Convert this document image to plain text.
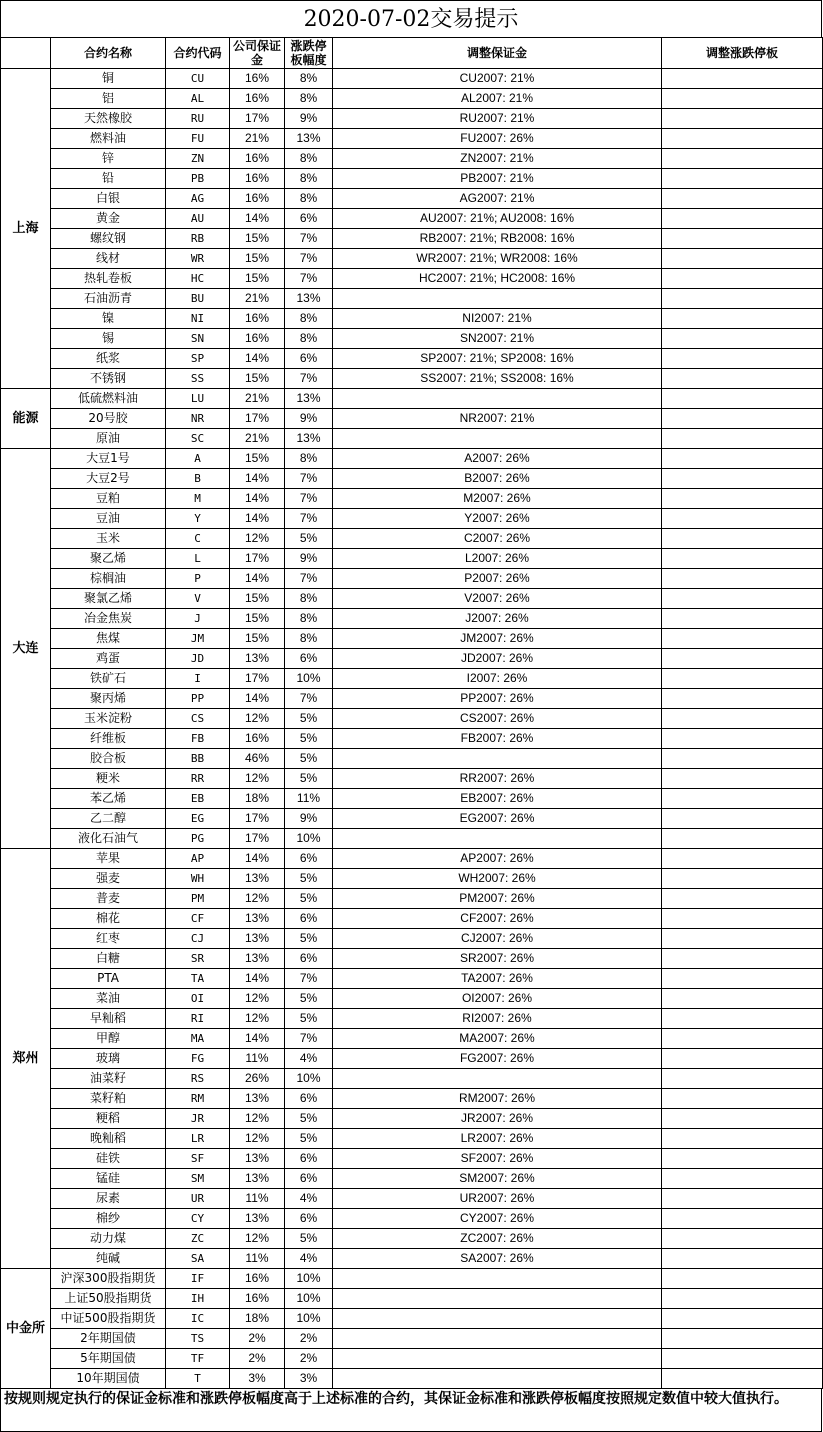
2020-07-02交易提示
	合约名称	合约代码	公司保证金	涨跌停板幅度	调整保证金	调整涨跌停板
上海	铜	CU	16%	8%	CU2007: 21%	
	铝	AL	16%	8%	AL2007: 21%	
	天然橡胶	RU	17%	9%	RU2007: 21%	
	燃料油	FU	21%	13%	FU2007: 26%	
	锌	ZN	16%	8%	ZN2007: 21%	
	铅	PB	16%	8%	PB2007: 21%	
	白银	AG	16%	8%	AG2007: 21%	
	黄金	AU	14%	6%	AU2007: 21%; AU2008: 16%	
	螺纹钢	RB	15%	7%	RB2007: 21%; RB2008: 16%	
	线材	WR	15%	7%	WR2007: 21%; WR2008: 16%	
	热轧卷板	HC	15%	7%	HC2007: 21%; HC2008: 16%	
	石油沥青	BU	21%	13%		
	镍	NI	16%	8%	NI2007: 21%	
	锡	SN	16%	8%	SN2007: 21%	
	纸浆	SP	14%	6%	SP2007: 21%; SP2008: 16%	
	不锈钢	SS	15%	7%	SS2007: 21%; SS2008: 16%	
能源	低硫燃料油	LU	21%	13%		
	20号胶	NR	17%	9%	NR2007: 21%	
	原油	SC	21%	13%		
大连	大豆1号	A	15%	8%	A2007: 26%	
	大豆2号	B	14%	7%	B2007: 26%	
	豆粕	M	14%	7%	M2007: 26%	
	豆油	Y	14%	7%	Y2007: 26%	
	玉米	C	12%	5%	C2007: 26%	
	聚乙烯	L	17%	9%	L2007: 26%	
	棕榈油	P	14%	7%	P2007: 26%	
	聚氯乙烯	V	15%	8%	V2007: 26%	
	冶金焦炭	J	15%	8%	J2007: 26%	
	焦煤	JM	15%	8%	JM2007: 26%	
	鸡蛋	JD	13%	6%	JD2007: 26%	
	铁矿石	I	17%	10%	I2007: 26%	
	聚丙烯	PP	14%	7%	PP2007: 26%	
	玉米淀粉	CS	12%	5%	CS2007: 26%	
	纤维板	FB	16%	5%	FB2007: 26%	
	胶合板	BB	46%	5%		
	粳米	RR	12%	5%	RR2007: 26%	
	苯乙烯	EB	18%	11%	EB2007: 26%	
	乙二醇	EG	17%	9%	EG2007: 26%	
	液化石油气	PG	17%	10%		
郑州	苹果	AP	14%	6%	AP2007: 26%	
	强麦	WH	13%	5%	WH2007: 26%	
	普麦	PM	12%	5%	PM2007: 26%	
	棉花	CF	13%	6%	CF2007: 26%	
	红枣	CJ	13%	5%	CJ2007: 26%	
	白糖	SR	13%	6%	SR2007: 26%	
	PTA	TA	14%	7%	TA2007: 26%	
	菜油	OI	12%	5%	OI2007: 26%	
	早籼稻	RI	12%	5%	RI2007: 26%	
	甲醇	MA	14%	7%	MA2007: 26%	
	玻璃	FG	11%	4%	FG2007: 26%	
	油菜籽	RS	26%	10%		
	菜籽粕	RM	13%	6%	RM2007: 26%	
	粳稻	JR	12%	5%	JR2007: 26%	
	晚籼稻	LR	12%	5%	LR2007: 26%	
	硅铁	SF	13%	6%	SF2007: 26%	
	锰硅	SM	13%	6%	SM2007: 26%	
	尿素	UR	11%	4%	UR2007: 26%	
	棉纱	CY	13%	6%	CY2007: 26%	
	动力煤	ZC	12%	5%	ZC2007: 26%	
	纯碱	SA	11%	4%	SA2007: 26%	
中金所	沪深300股指期货	IF	16%	10%		
	上证50股指期货	IH	16%	10%		
	中证500股指期货	IC	18%	10%		
	2年期国债	TS	2%	2%		
	5年期国债	TF	2%	2%		
	10年期国债	T	3%	3%		
按规则规定执行的保证金标准和涨跌停板幅度高于上述标准的合约，其保证金标准和涨跌停板幅度按照规定数值中较大值执行。
